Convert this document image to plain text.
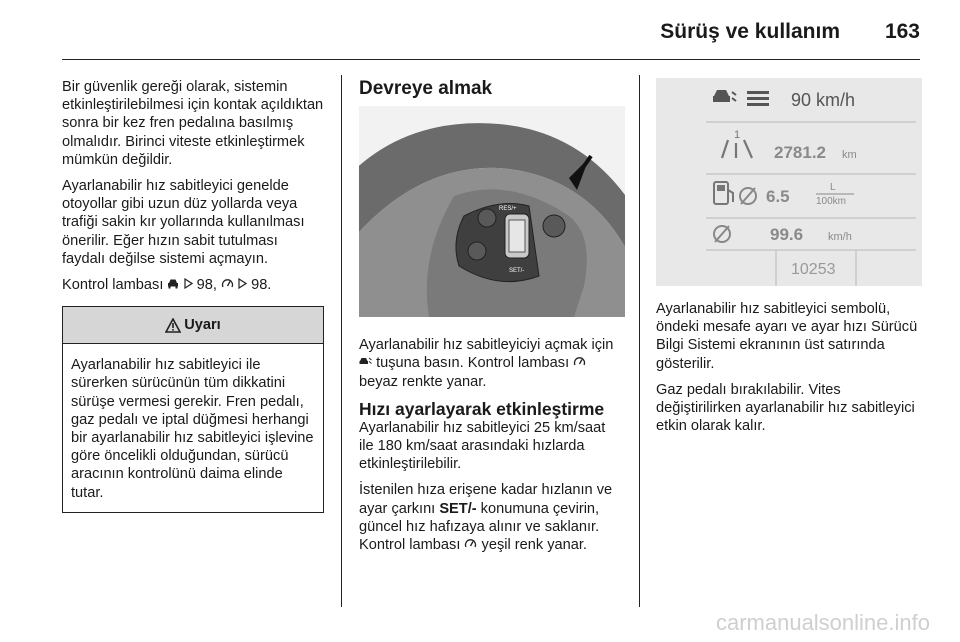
Sürüş ve kullanım 163

Bir güvenlik gereği olarak, sistemin etkinleştirilebilmesi için kontak açıldıktan sonra bir kez fren pedalına basılmış olmalıdır. Birinci viteste etkinleştirmek mümkün değildir.

Ayarlanabilir hız sabitleyici genelde otoyollar gibi uzun düz yollarda veya trafiği sakin kır yollarında kullanılması önerilir. Eğer hızın sabit tutulması faydalı değilse sistemi açmayın.

Kontrol lambası 98, 98.

Uyarı
Ayarlanabilir hız sabitleyici ile sürerken sürücünün tüm dikkatini sürüşe vermesi gerekir. Fren pedalı, gaz pedalı ve iptal düğmesi herhangi bir ayarlanabilir hız sabitleyici işlevine göre öncelikli olduğundan, sürücü aracının kontrolünü daima elinde tutar.
Devreye almak
RES/+
SET/-

Ayarlanabilir hız sabitleyiciyi açmak için  tuşuna basın. Kontrol lambası  beyaz renkte yanar.

Hızı ayarlayarak etkinleştirme

Ayarlanabilir hız sabitleyici 25 km/saat ile 180 km/saat arasındaki hızlarda etkinleştirilebilir.

İstenilen hıza erişene kadar hızlanın ve ayar çarkını SET/- konumuna çevirin, güncel hız hafızaya alınır ve saklanır. Kontrol lambası yeşil renk yanar.

90 km/h
1
2781.2 km
6.5	L
100km
99.6 km/h
10253

Ayarlanabilir hız sabitleyici sembolü, öndeki mesafe ayarı ve ayar hızı Sürücü Bilgi Sistemi ekranının üst satırında gösterilir.

Gaz pedalı bırakılabilir. Vites değiştirilirken ayarlanabilir hız sabitleyici etkin olarak kalır.

carmanualsonline.info
